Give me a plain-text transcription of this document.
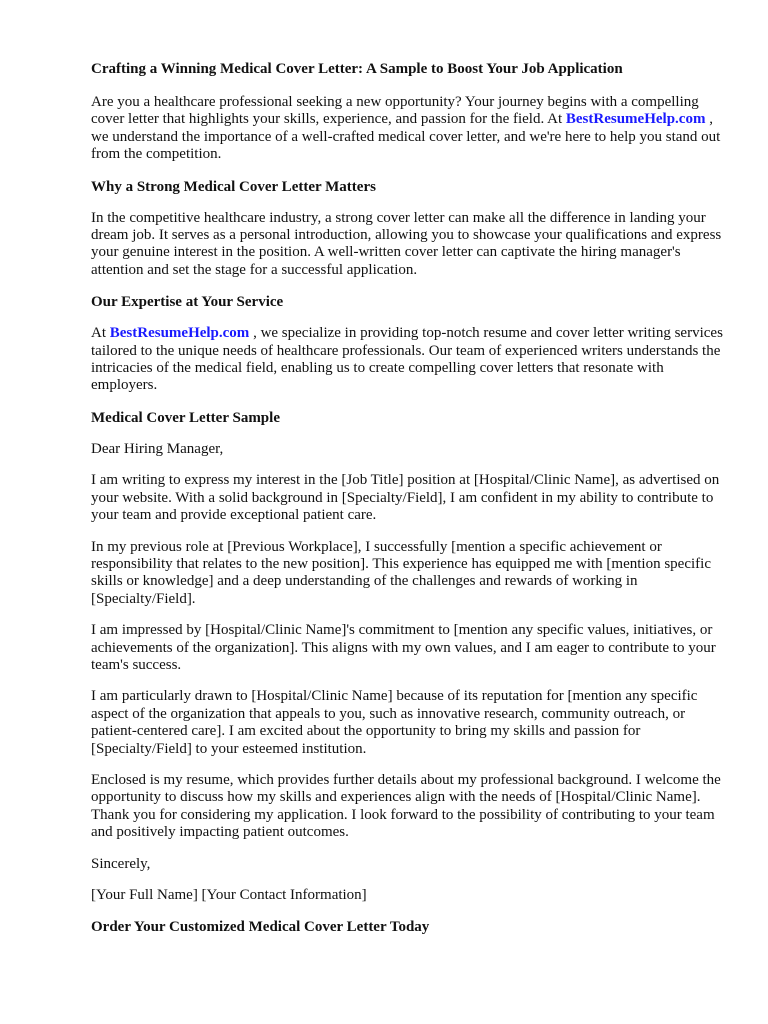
Crafting a Winning Medical Cover Letter: A Sample to Boost Your Job Application

Are you a healthcare professional seeking a new opportunity? Your journey begins with a compelling cover letter that highlights your skills, experience, and passion for the field. At BestResumeHelp.com , we understand the importance of a well-crafted medical cover letter, and we're here to help you stand out from the competition.

Why a Strong Medical Cover Letter Matters

In the competitive healthcare industry, a strong cover letter can make all the difference in landing your dream job. It serves as a personal introduction, allowing you to showcase your qualifications and express your genuine interest in the position. A well-written cover letter can captivate the hiring manager's attention and set the stage for a successful application.

Our Expertise at Your Service

At BestResumeHelp.com , we specialize in providing top-notch resume and cover letter writing services tailored to the unique needs of healthcare professionals. Our team of experienced writers understands the intricacies of the medical field, enabling us to create compelling cover letters that resonate with employers.

Medical Cover Letter Sample

Dear Hiring Manager,

I am writing to express my interest in the [Job Title] position at [Hospital/Clinic Name], as advertised on your website. With a solid background in [Specialty/Field], I am confident in my ability to contribute to your team and provide exceptional patient care.

In my previous role at [Previous Workplace], I successfully [mention a specific achievement or responsibility that relates to the new position]. This experience has equipped me with [mention specific skills or knowledge] and a deep understanding of the challenges and rewards of working in [Specialty/Field].

I am impressed by [Hospital/Clinic Name]'s commitment to [mention any specific values, initiatives, or achievements of the organization]. This aligns with my own values, and I am eager to contribute to your team's success.

I am particularly drawn to [Hospital/Clinic Name] because of its reputation for [mention any specific aspect of the organization that appeals to you, such as innovative research, community outreach, or patient-centered care]. I am excited about the opportunity to bring my skills and passion for [Specialty/Field] to your esteemed institution.

Enclosed is my resume, which provides further details about my professional background. I welcome the opportunity to discuss how my skills and experiences align with the needs of [Hospital/Clinic Name]. Thank you for considering my application. I look forward to the possibility of contributing to your team and positively impacting patient outcomes.

Sincerely,

[Your Full Name] [Your Contact Information]

Order Your Customized Medical Cover Letter Today
